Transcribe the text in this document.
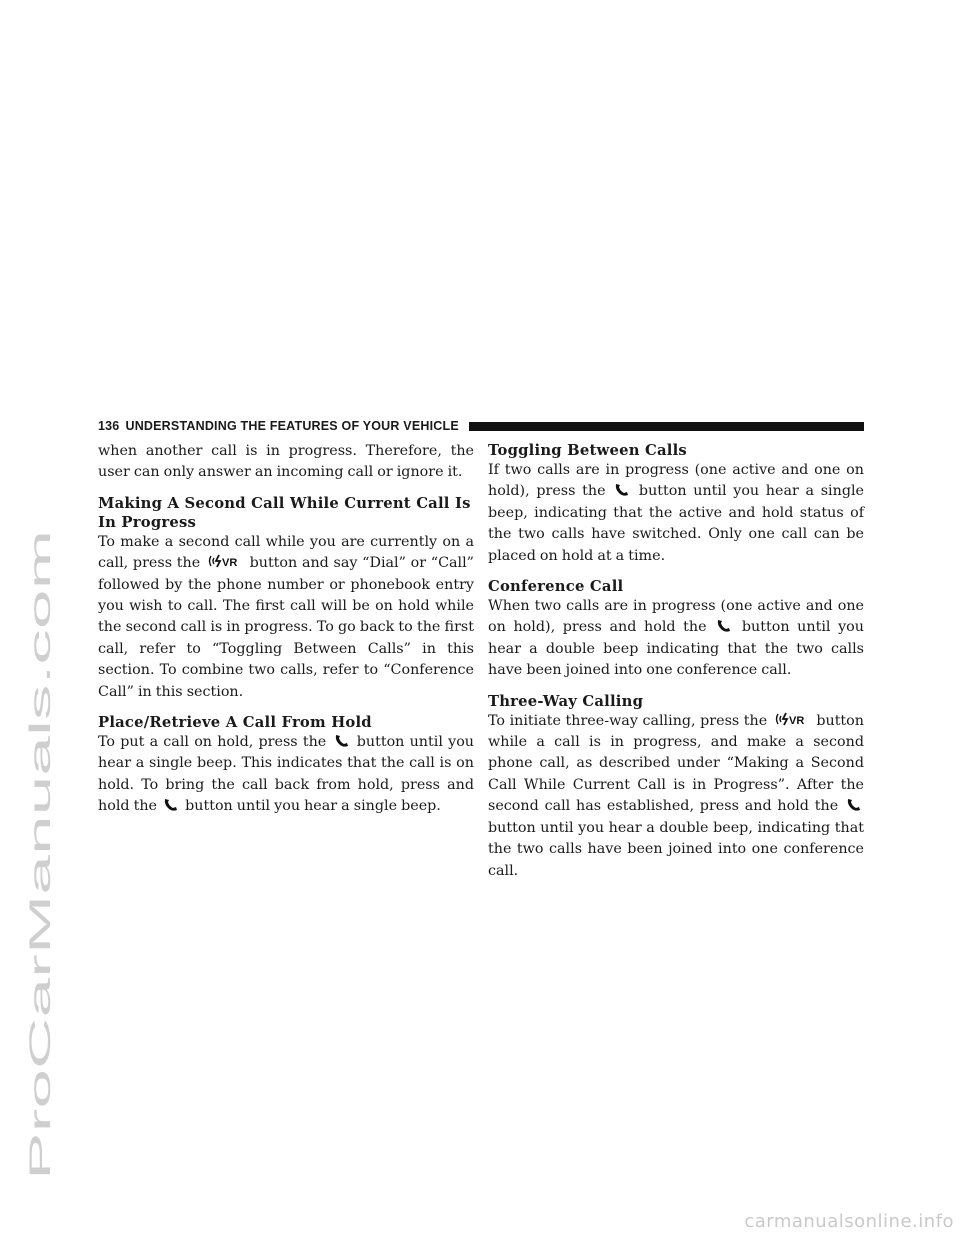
ProCarManuals.com
136 UNDERSTANDING THE FEATURES OF YOUR VEHICLE

when another call is in progress. Therefore, the user can only answer an incoming call or ignore it.

Making A Second Call While Current Call Is In Progress

To make a second call while you are currently on a call, press the VR button and say “Dial” or “Call” followed by the phone number or phonebook entry you wish to call. The first call will be on hold while the second call is in progress. To go back to the first call, refer to “Toggling Between Calls” in this section. To combine two calls, refer to “Conference Call” in this section.

Place/Retrieve A Call From Hold

To put a call on hold, press the button until you hear a single beep. This indicates that the call is on hold. To bring the call back from hold, press and hold the button until you hear a single beep.

Toggling Between Calls

If two calls are in progress (one active and one on hold), press the button until you hear a single beep, indicating that the active and hold status of the two calls have switched. Only one call can be placed on hold at a time.

Conference Call

When two calls are in progress (one active and one on hold), press and hold the button until you hear a double beep indicating that the two calls have been joined into one conference call.

Three-Way Calling

To initiate three-way calling, press the VR button while a call is in progress, and make a second phone call, as described under “Making a Second Call While Current Call is in Progress”. After the second call has established, press and hold the
button until you hear a double beep, indicating that the two calls have been joined into one conference call.

carmanualsonline.info
